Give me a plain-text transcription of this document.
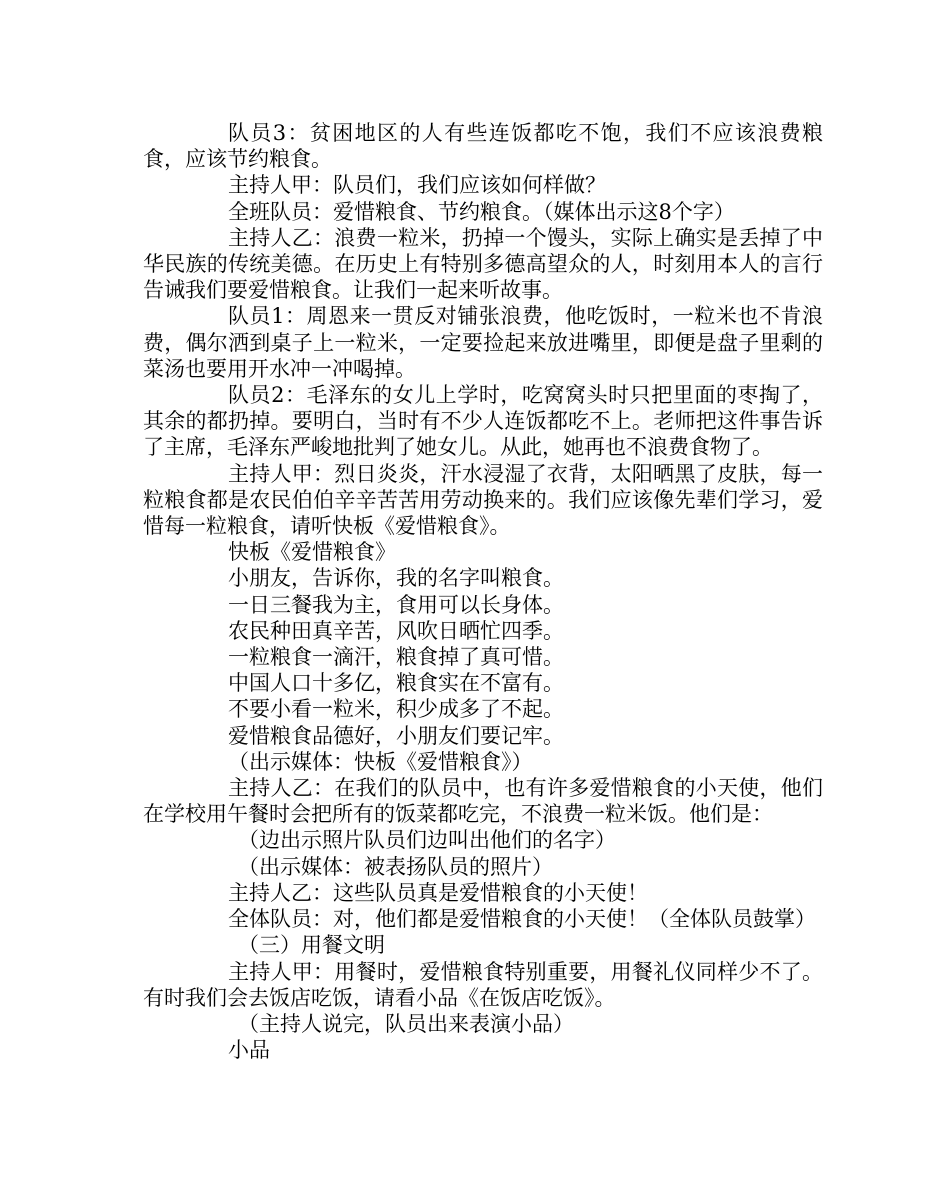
队员3：贫困地区的人有些连饭都吃不饱，我们不应该浪费粮食，应该节约粮食。

主持人甲：队员们，我们应该如何样做？

全班队员：爱惜粮食、节约粮食。（媒体出示这8个字）

主持人乙：浪费一粒米，扔掉一个馒头，实际上确实是丢掉了中华民族的传统美德。在历史上有特别多德高望众的人，时刻用本人的言行告诫我们要爱惜粮食。让我们一起来听故事。

队员1：周恩来一贯反对铺张浪费，他吃饭时，一粒米也不肯浪费，偶尔洒到桌子上一粒米，一定要捡起来放进嘴里，即便是盘子里剩的菜汤也要用开水冲一冲喝掉。

队员2：毛泽东的女儿上学时，吃窝窝头时只把里面的枣掏了，其余的都扔掉。要明白，当时有不少人连饭都吃不上。老师把这件事告诉了主席，毛泽东严峻地批判了她女儿。从此，她再也不浪费食物了。

主持人甲：烈日炎炎，汗水浸湿了衣背，太阳晒黑了皮肤，每一粒粮食都是农民伯伯辛辛苦苦用劳动换来的。我们应该像先辈们学习，爱惜每一粒粮食，请听快板《爱惜粮食》。

快板《爱惜粮食》

小朋友，告诉你，我的名字叫粮食。

一日三餐我为主，食用可以长身体。

农民种田真辛苦，风吹日晒忙四季。

一粒粮食一滴汗，粮食掉了真可惜。

中国人口十多亿，粮食实在不富有。

不要小看一粒米，积少成多了不起。

爱惜粮食品德好，小朋友们要记牢。

（出示媒体：快板《爱惜粮食》）

主持人乙：在我们的队员中，也有许多爱惜粮食的小天使，他们在学校用午餐时会把所有的饭菜都吃完，不浪费一粒米饭。他们是：

（边出示照片队员们边叫出他们的名字）

（出示媒体：被表扬队员的照片）

主持人乙：这些队员真是爱惜粮食的小天使！

全体队员：对，他们都是爱惜粮食的小天使！（全体队员鼓掌）

（三）用餐文明

主持人甲：用餐时，爱惜粮食特别重要，用餐礼仪同样少不了。有时我们会去饭店吃饭，请看小品《在饭店吃饭》。

（主持人说完，队员出来表演小品）

小品
